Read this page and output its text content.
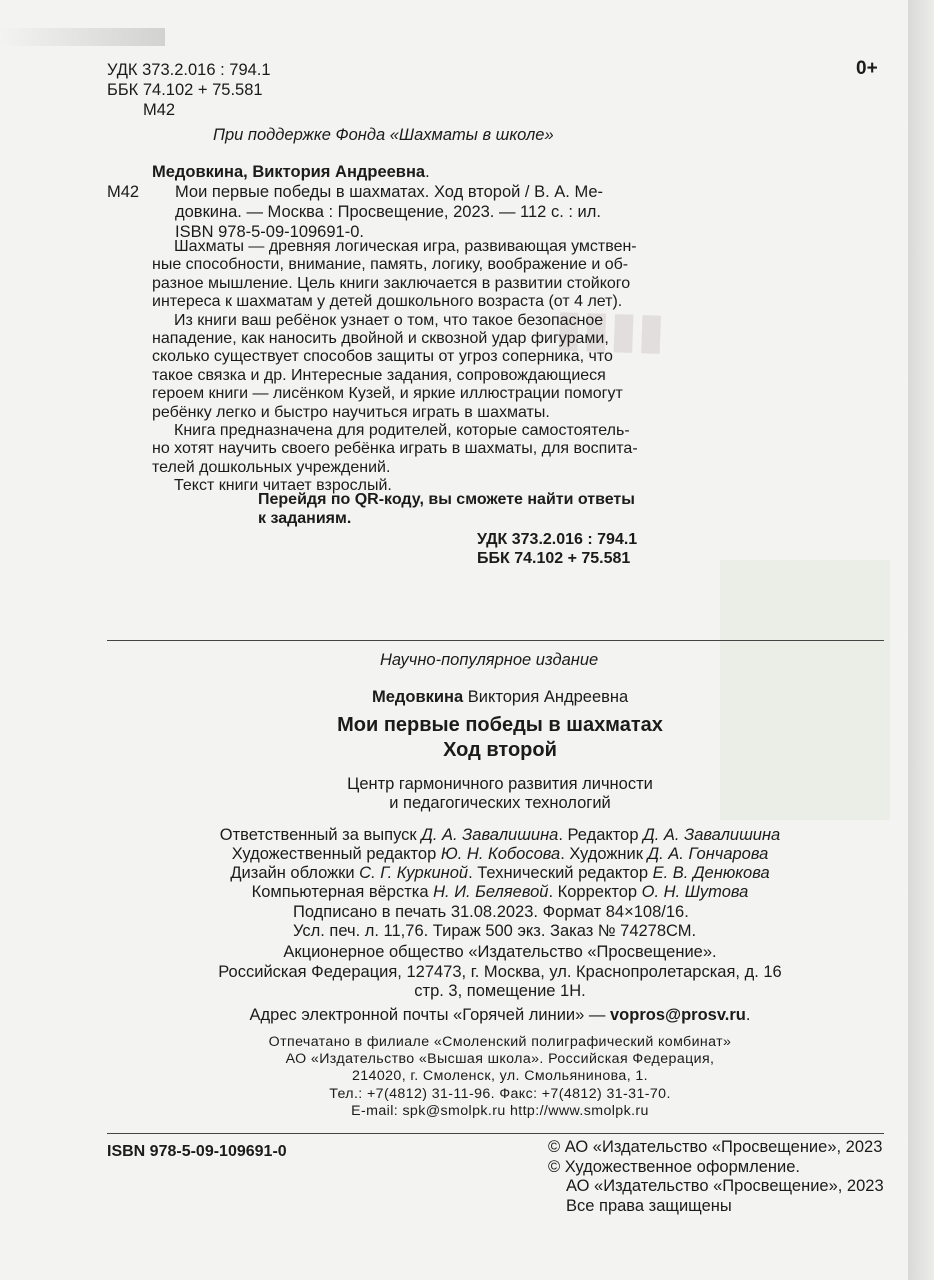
▮▮▮▮
УДК 373.2.016 : 794.1
ББК 74.102 + 75.581
М42
0+
При поддержке Фонда «Шахматы в школе»
М42
Медовкина, Виктория Андреевна.
Мои первые победы в шахматах. Ход второй / В. А. Ме-
довкина. — Москва : Просвещение, 2023. — 112 с. : ил.
ISBN 978-5-09-109691-0.
Шахматы — древняя логическая игра, развивающая умствен-
ные способности, внимание, память, логику, воображение и об-
разное мышление. Цель книги заключается в развитии стойкого
интереса к шахматам у детей дошкольного возраста (от 4 лет).
Из книги ваш ребёнок узнает о том, что такое безопасное
нападение, как наносить двойной и сквозной удар фигурами,
сколько существует способов защиты от угроз соперника, что
такое связка и др. Интересные задания, сопровождающиеся
героем книги — лисёнком Кузей, и яркие иллюстрации помогут
ребёнку легко и быстро научиться играть в шахматы.
Книга предназначена для родителей, которые самостоятель-
но хотят научить своего ребёнка играть в шахматы, для воспита-
телей дошкольных учреждений.
Текст книги читает взрослый.
Перейдя по QR-коду, вы сможете найти ответы
к заданиям.
УДК 373.2.016 : 794.1
ББК 74.102 + 75.581
Научно-популярное издание
Медовкина Виктория Андреевна
Мои первые победы в шахматах
Ход второй
Центр гармоничного развития личности
и педагогических технологий
Ответственный за выпуск Д. А. Завалишина. Редактор Д. А. Завалишина
Художественный редактор Ю. Н. Кобосова. Художник Д. А. Гончарова
Дизайн обложки С. Г. Куркиной. Технический редактор Е. В. Денюкова
Компьютерная вёрстка Н. И. Беляевой. Корректор О. Н. Шутова
Подписано в печать 31.08.2023. Формат 84×108/16.
Усл. печ. л. 11,76. Тираж 500 экз. Заказ № 74278СМ.
Акционерное общество «Издательство «Просвещение».
Российская Федерация, 127473, г. Москва, ул. Краснопролетарская, д. 16
стр. 3, помещение 1Н.
Адрес электронной почты «Горячей линии» — vopros@prosv.ru.
Отпечатано в филиале «Смоленский полиграфический комбинат»
АО «Издательство «Высшая школа». Российская Федерация,
214020, г. Смоленск, ул. Смольянинова, 1.
Тел.: +7(4812) 31-11-96. Факс: +7(4812) 31-31-70.
E-mail: spk@smolpk.ru http://www.smolpk.ru
ISBN 978-5-09-109691-0	© АО «Издательство «Просвещение», 2023
© Художественное оформление.
АО «Издательство «Просвещение», 2023
Все права защищены
